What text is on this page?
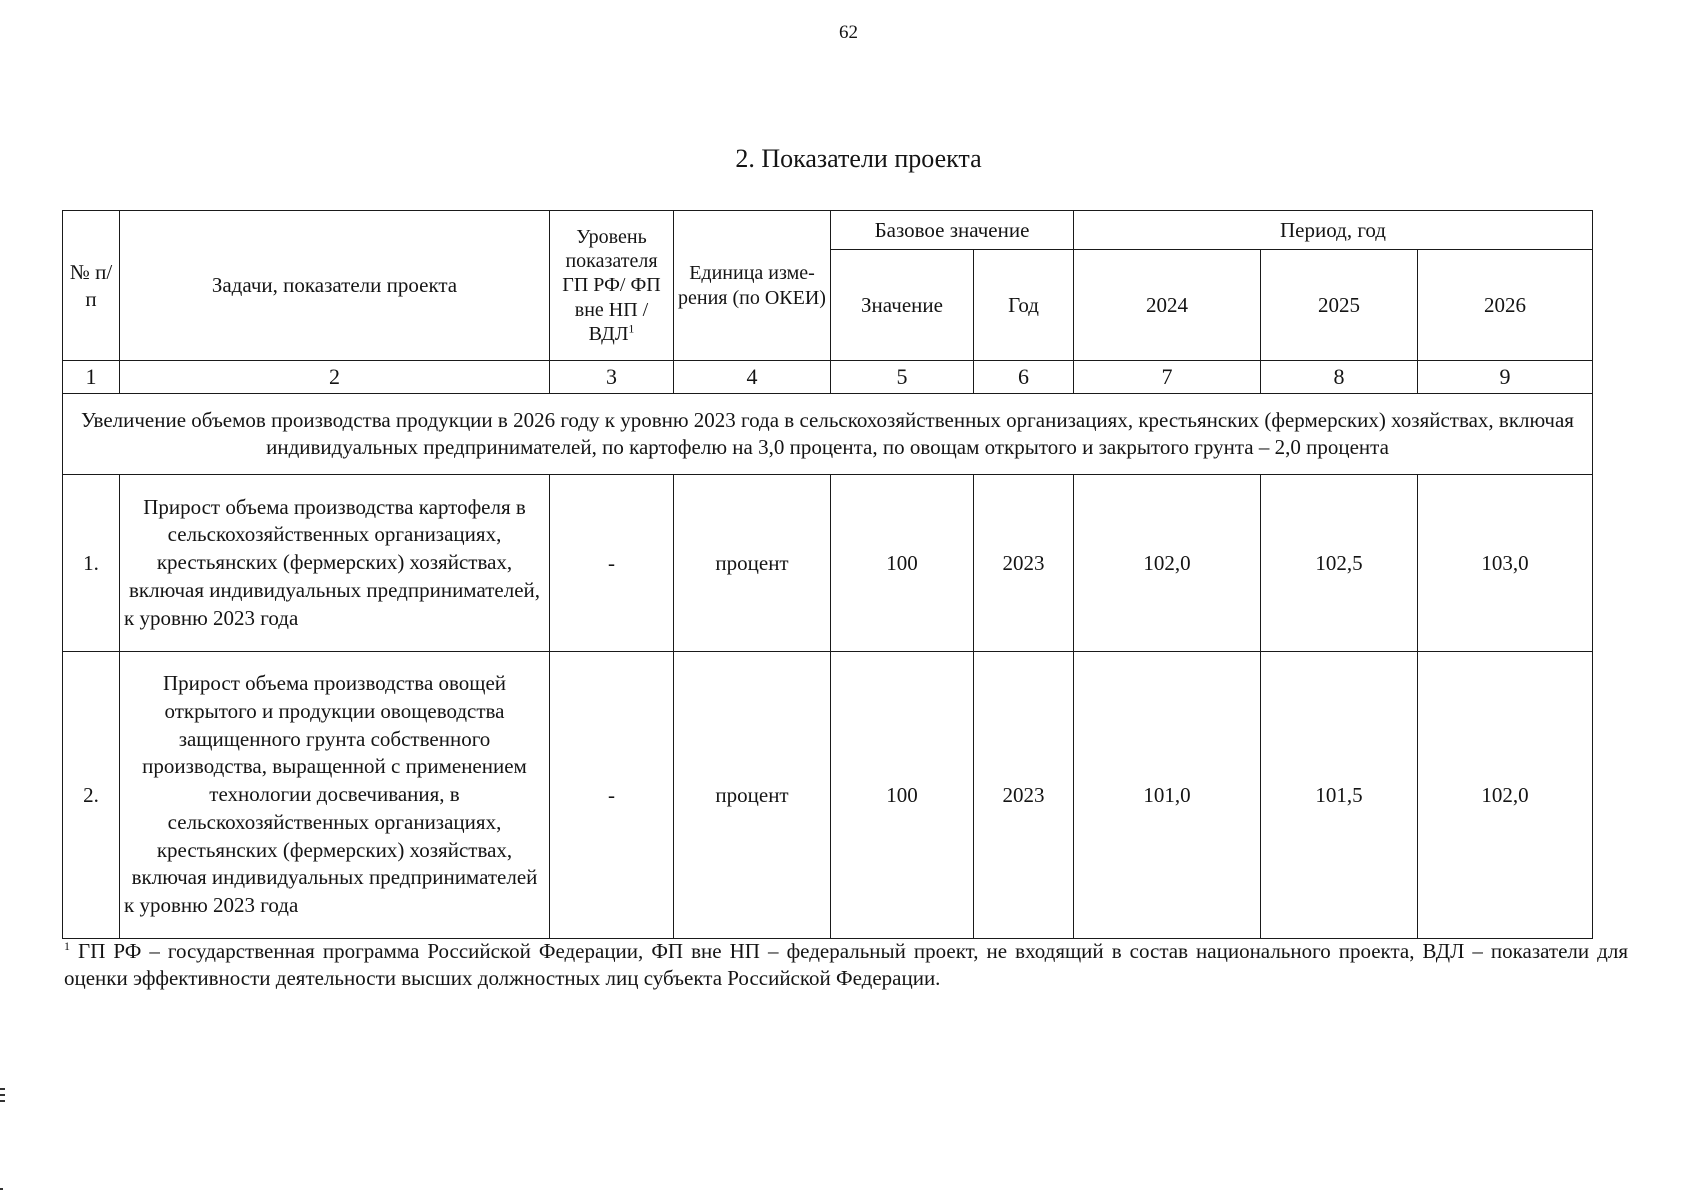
62
2. Показатели проекта
№ п/п	Задачи, показатели проекта	Уровень показателя ГП РФ/ ФП вне НП / ВДЛ$^1$	Единица изме-рения (по ОКЕИ)	Базовое значение		Период, год		
				Значение	Год	2024	2025	2026
1	2	3	4	5	6	7	8	9
Увеличение объемов производства продукции в 2026 году к уровню 2023 года в сельскохозяйственных организациях, крестьянских (фермерских) хозяйствах, включая индивидуальных предпринимателей, по картофелю на 3,0 процента, по овощам открытого и закрытого грунта – 2,0 процента								
1.	Прирост объема производства картофеля в сельскохозяйственных организациях, крестьянских (фермерских) хозяйствах, включая индивидуальных предпринимателей, к уровню 2023 года	-	процент	100	2023	102,0	102,5	103,0
2.	Прирост объема производства овощей открытого и продукции овощеводства защищенного грунта собственного производства, выращенной с применением технологии досвечивания, в сельскохозяйственных организациях, крестьянских (фермерских) хозяйствах, включая индивидуальных предпринимателей к уровню 2023 года	-	процент	100	2023	101,0	101,5	102,0
$^1$ ГП РФ – государственная программа Российской Федерации, ФП вне НП – федеральный проект, не входящий в состав национального проекта, ВДЛ – показатели для оценки эффективности деятельности высших должностных лиц субъекта Российской Федерации.
